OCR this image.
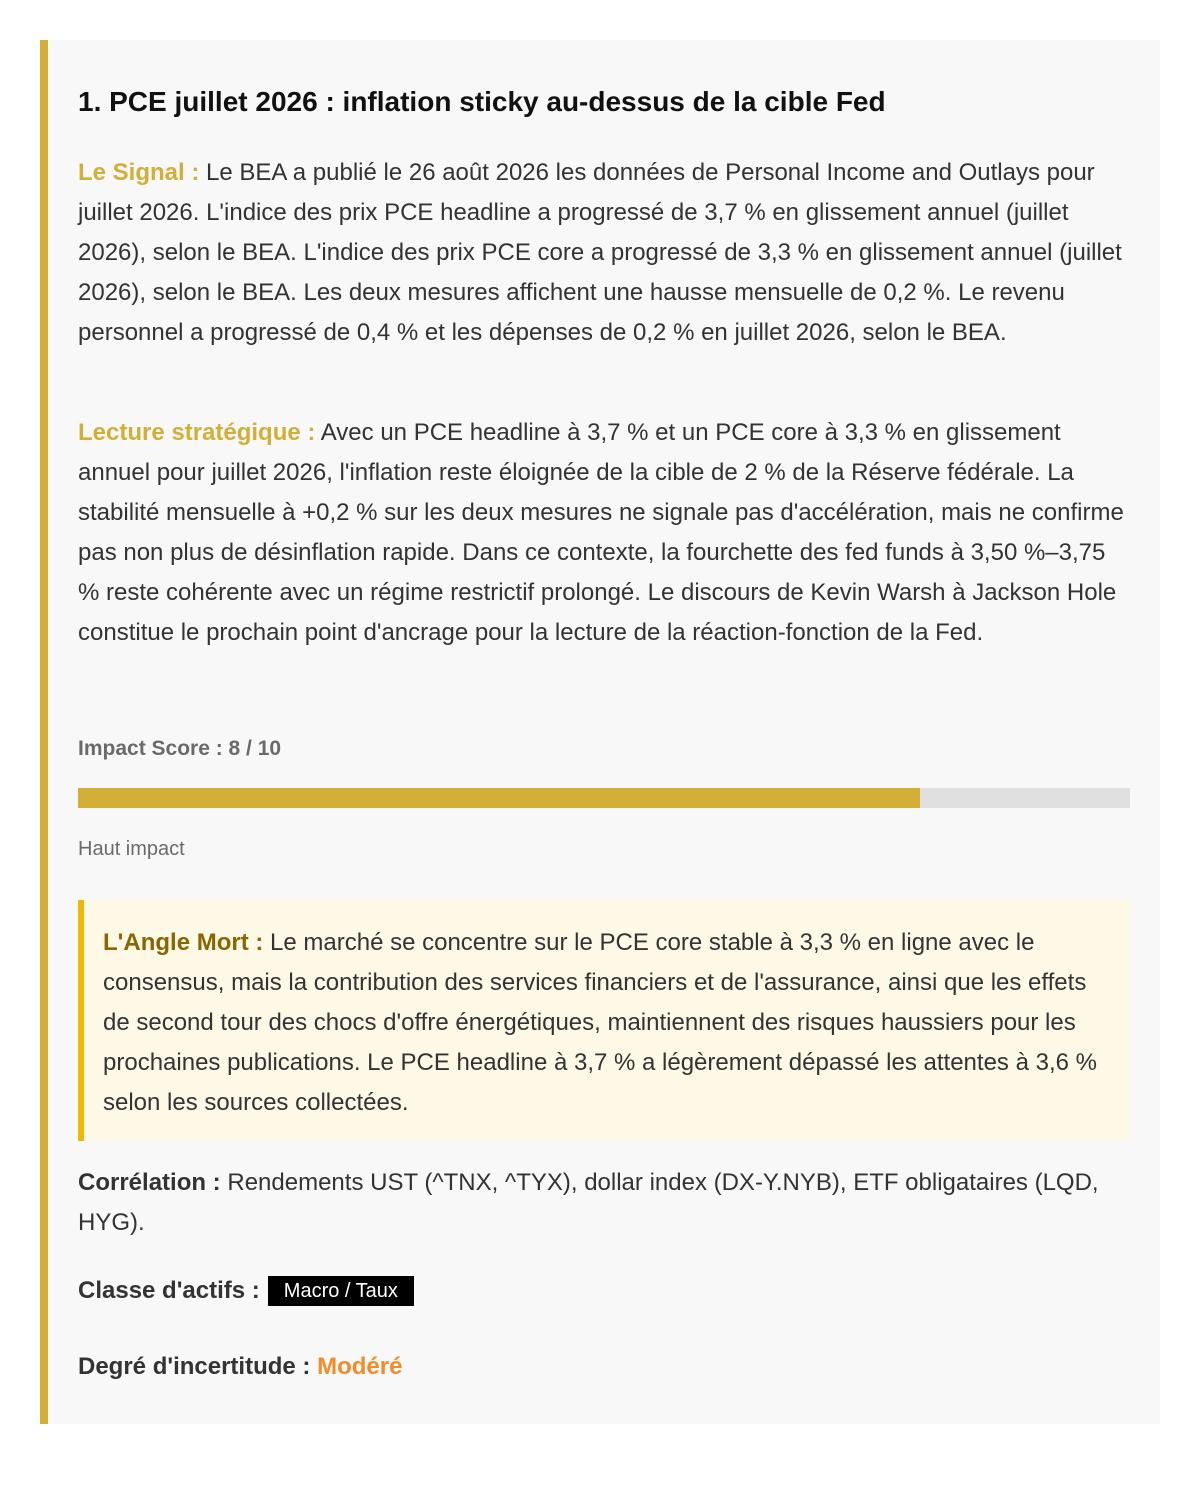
1. PCE juillet 2026 : inflation sticky au-dessus de la cible Fed

Le Signal : Le BEA a publié le 26 août 2026 les données de Personal Income and Outlays pour juillet 2026. L'indice des prix PCE headline a progressé de 3,7 % en glissement annuel (juillet 2026), selon le BEA. L'indice des prix PCE core a progressé de 3,3 % en glissement annuel (juillet 2026), selon le BEA. Les deux mesures affichent une hausse mensuelle de 0,2 %. Le revenu personnel a progressé de 0,4 % et les dépenses de 0,2 % en juillet 2026, selon le BEA.

Lecture stratégique : Avec un PCE headline à 3,7 % et un PCE core à 3,3 % en glissement annuel pour juillet 2026, l'inflation reste éloignée de la cible de 2 % de la Réserve fédérale. La stabilité mensuelle à +0,2 % sur les deux mesures ne signale pas d'accélération, mais ne confirme pas non plus de désinflation rapide. Dans ce contexte, la fourchette des fed funds à 3,50 %–3,75 % reste cohérente avec un régime restrictif prolongé. Le discours de Kevin Warsh à Jackson Hole constitue le prochain point d'ancrage pour la lecture de la réaction-fonction de la Fed.

Impact Score : 8 / 10
Haut impact

L'Angle Mort : Le marché se concentre sur le PCE core stable à 3,3 % en ligne avec le consensus, mais la contribution des services financiers et de l'assurance, ainsi que les effets de second tour des chocs d'offre énergétiques, maintiennent des risques haussiers pour les prochaines publications. Le PCE headline à 3,7 % a légèrement dépassé les attentes à 3,6 % selon les sources collectées.

Corrélation : Rendements UST (^TNX, ^TYX), dollar index (DX-Y.NYB), ETF obligataires (LQD, HYG).

Classe d'actifs :	Macro / Taux
Degré d'incertitude : Modéré
